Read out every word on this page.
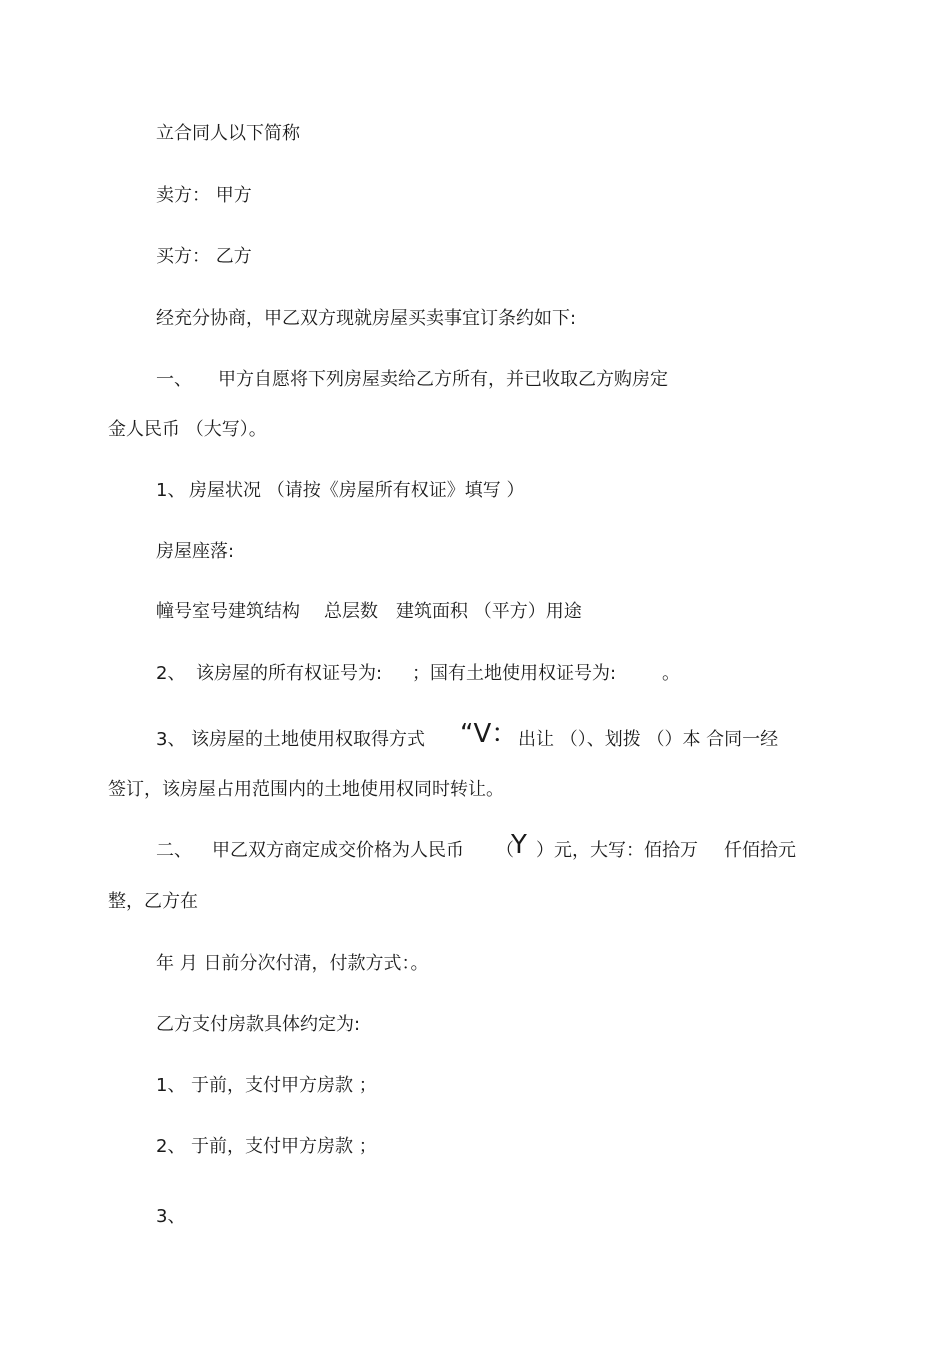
立合同人以下简称
卖方： 甲方
买方： 乙方
经充分协商，甲乙双方现就房屋买卖事宜订条约如下:
一、 甲方自愿将下列房屋卖给乙方所有，并已收取乙方购房定
金人民币 （大写）。
1、 房屋状况 （请按《房屋所有权证》填写 ）
房屋座落:
幢号室号建筑结构 总层数 建筑面积 （平方）用途
2、 该房屋的所有权证号为: ；国有土地使用权证号为:	。
3、 该房屋的土地使用权取得方式 “V： 出让 （）、划拨 （）本 合同一经
签订，该房屋占用范围内的土地使用权同时转让。
二、 甲乙双方商定成交价格为人民币 （
Y ）元，大写：佰拾万 仟佰拾元
整，乙方在
年 月 日前分次付清，付款方式：。
乙方支付房款具体约定为:
1、 于前，支付甲方房款 ；
2、 于前，支付甲方房款 ；
3、
